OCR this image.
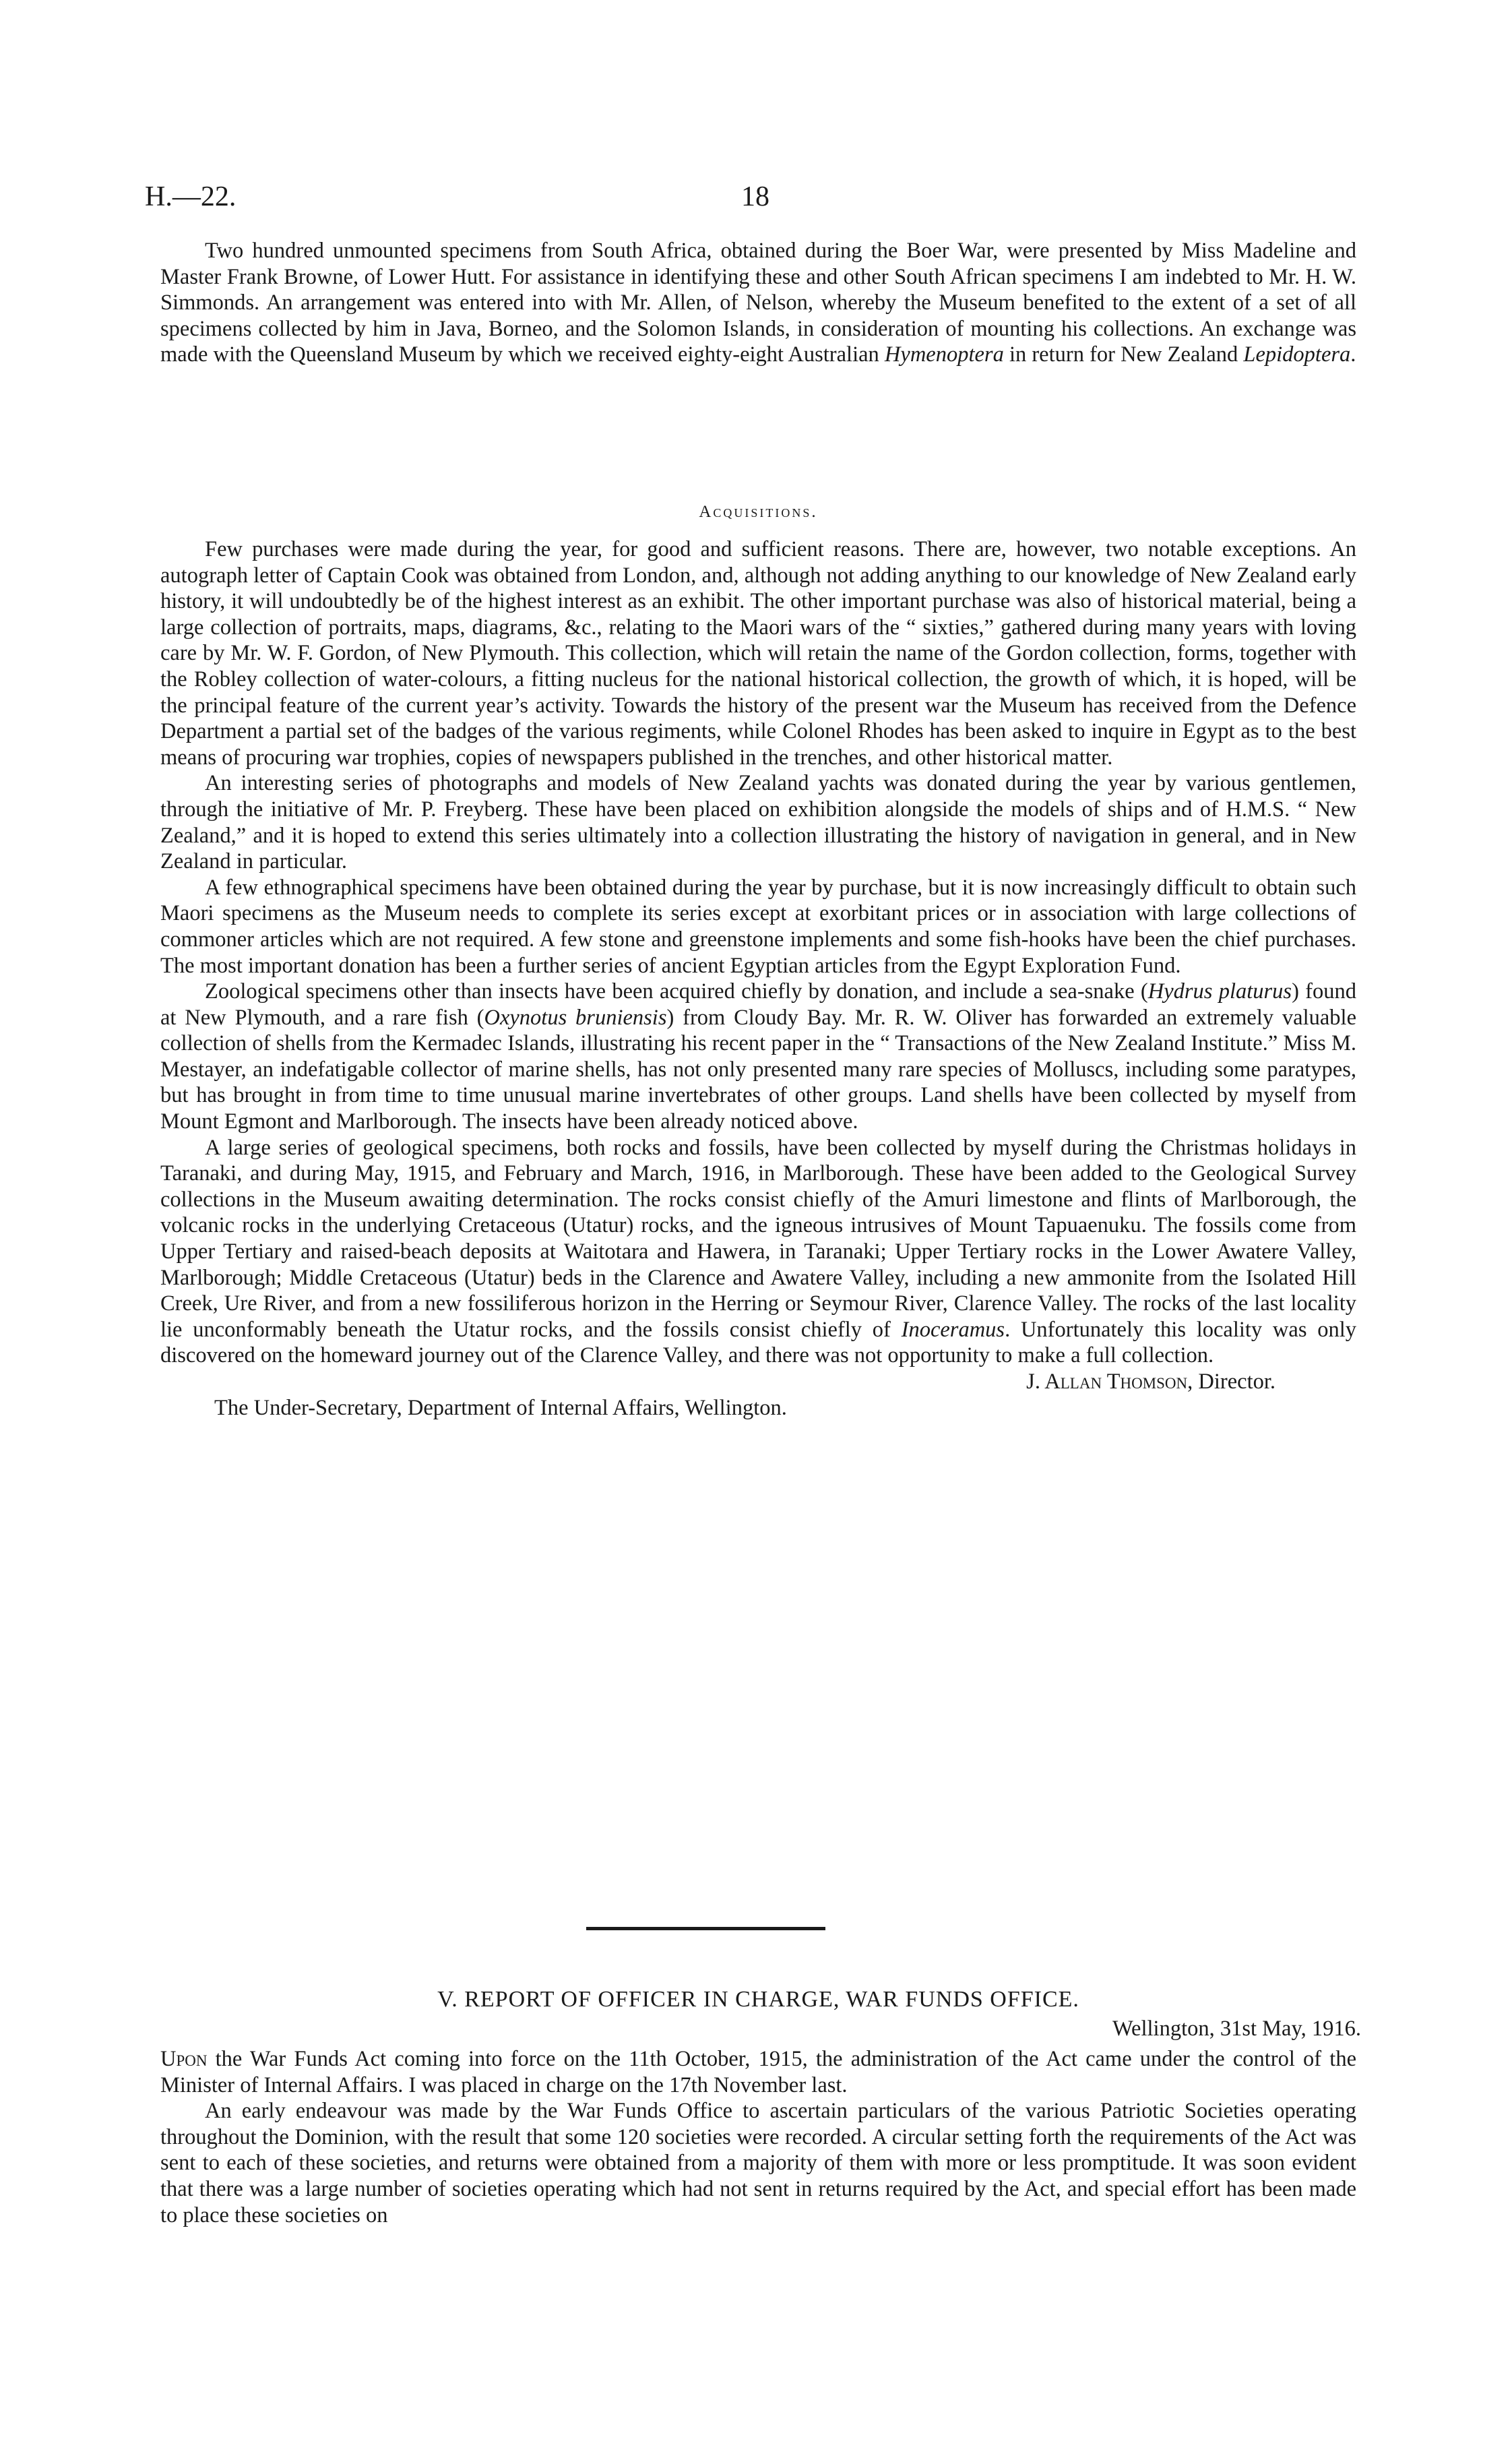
H.—22.	18

Two hundred unmounted specimens from South Africa, obtained during the Boer War, were presented by Miss Madeline and Master Frank Browne, of Lower Hutt. For assistance in identifying these and other South African specimens I am indebted to Mr. H. W. Simmonds. An arrangement was entered into with Mr. Allen, of Nelson, whereby the Museum benefited to the extent of a set of all specimens collected by him in Java, Borneo, and the Solomon Islands, in consideration of mounting his collections. An exchange was made with the Queensland Museum by which we received eighty-eight Australian Hymenoptera in return for New Zealand Lepidoptera.

Acquisitions.

Few purchases were made during the year, for good and sufficient reasons. There are, however, two notable exceptions. An autograph letter of Captain Cook was obtained from London, and, although not adding anything to our knowledge of New Zealand early history, it will undoubtedly be of the highest interest as an exhibit. The other important purchase was also of historical material, being a large collection of portraits, maps, diagrams, &c., relating to the Maori wars of the “ sixties,” gathered during many years with loving care by Mr. W. F. Gordon, of New Plymouth. This collection, which will retain the name of the Gordon collection, forms, together with the Robley collection of water-colours, a fitting nucleus for the national historical collection, the growth of which, it is hoped, will be the principal feature of the current year’s activity. Towards the history of the present war the Museum has received from the Defence Department a partial set of the badges of the various regiments, while Colonel Rhodes has been asked to inquire in Egypt as to the best means of procuring war trophies, copies of newspapers published in the trenches, and other historical matter.

An interesting series of photographs and models of New Zealand yachts was donated during the year by various gentlemen, through the initiative of Mr. P. Freyberg. These have been placed on exhibition alongside the models of ships and of H.M.S. “ New Zealand,” and it is hoped to extend this series ultimately into a collection illustrating the history of navigation in general, and in New Zealand in particular.

A few ethnographical specimens have been obtained during the year by purchase, but it is now increasingly difficult to obtain such Maori specimens as the Museum needs to complete its series except at exorbitant prices or in association with large collections of commoner articles which are not required. A few stone and greenstone implements and some fish-hooks have been the chief purchases. The most important donation has been a further series of ancient Egyptian articles from the Egypt Exploration Fund.

Zoological specimens other than insects have been acquired chiefly by donation, and include a sea-snake (Hydrus platurus) found at New Plymouth, and a rare fish (Oxynotus bruniensis) from Cloudy Bay. Mr. R. W. Oliver has forwarded an extremely valuable collection of shells from the Kermadec Islands, illustrating his recent paper in the “ Transactions of the New Zealand Institute.” Miss M. Mestayer, an indefatigable collector of marine shells, has not only presented many rare species of Molluscs, including some paratypes, but has brought in from time to time unusual marine invertebrates of other groups. Land shells have been collected by myself from Mount Egmont and Marlborough. The insects have been already noticed above.

A large series of geological specimens, both rocks and fossils, have been collected by myself during the Christmas holidays in Taranaki, and during May, 1915, and February and March, 1916, in Marlborough. These have been added to the Geological Survey collections in the Museum awaiting determination. The rocks consist chiefly of the Amuri limestone and flints of Marlborough, the volcanic rocks in the underlying Cretaceous (Utatur) rocks, and the igneous intrusives of Mount Tapuaenuku. The fossils come from Upper Tertiary and raised-beach deposits at Waitotara and Hawera, in Taranaki; Upper Tertiary rocks in the Lower Awatere Valley, Marlborough; Middle Cretaceous (Utatur) beds in the Clarence and Awatere Valley, including a new ammonite from the Isolated Hill Creek, Ure River, and from a new fossiliferous horizon in the Herring or Seymour River, Clarence Valley. The rocks of the last locality lie unconformably beneath the Utatur rocks, and the fossils consist chiefly of Inoceramus. Unfortunately this locality was only discovered on the homeward journey out of the Clarence Valley, and there was not opportunity to make a full collection.

J. Allan Thomson, Director.

The Under-Secretary, Department of Internal Affairs, Wellington.

V. REPORT OF OFFICER IN CHARGE, WAR FUNDS OFFICE.

Wellington, 31st May, 1916.

Upon the War Funds Act coming into force on the 11th October, 1915, the administration of the Act came under the control of the Minister of Internal Affairs. I was placed in charge on the 17th November last.

An early endeavour was made by the War Funds Office to ascertain particulars of the various Patriotic Societies operating throughout the Dominion, with the result that some 120 societies were recorded. A circular setting forth the requirements of the Act was sent to each of these societies, and returns were obtained from a majority of them with more or less promptitude. It was soon evident that there was a large number of societies operating which had not sent in returns required by the Act, and special effort has been made to place these societies on
